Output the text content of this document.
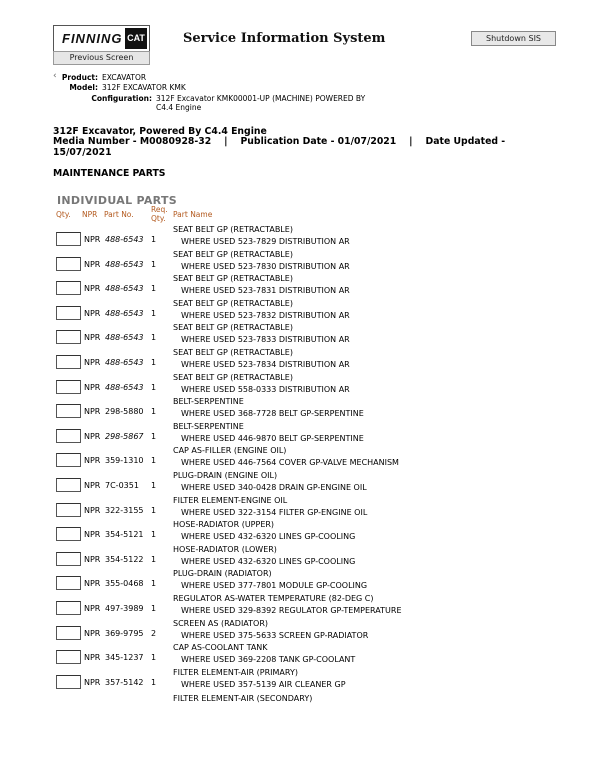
FINNING CAT
Previous Screen
Service Information System	Shutdown SIS
‹ Product: EXCAVATOR
Model: 312F EXCAVATOR KMK
Configuration: 312F Excavator KMK00001-UP (MACHINE) POWERED BY
C4.4 Engine
312F Excavator, Powered By C4.4 Engine
Media Number - M0080928-32    |    Publication Date - 01/07/2021    |    Date Updated -
15/07/2021
MAINTENANCE PARTS
INDIVIDUAL PARTS
Qty. NPR Part No.
Req.
Qty. Part Name
NPR 488-6543 1
SEAT BELT GP (RETRACTABLE)
WHERE USED 523-7829 DISTRIBUTION AR
NPR 488-6543 1
SEAT BELT GP (RETRACTABLE)
WHERE USED 523-7830 DISTRIBUTION AR
NPR 488-6543 1
SEAT BELT GP (RETRACTABLE)
WHERE USED 523-7831 DISTRIBUTION AR
NPR 488-6543 1
SEAT BELT GP (RETRACTABLE)
WHERE USED 523-7832 DISTRIBUTION AR
NPR 488-6543 1
SEAT BELT GP (RETRACTABLE)
WHERE USED 523-7833 DISTRIBUTION AR
NPR 488-6543 1
SEAT BELT GP (RETRACTABLE)
WHERE USED 523-7834 DISTRIBUTION AR
NPR 488-6543 1
SEAT BELT GP (RETRACTABLE)
WHERE USED 558-0333 DISTRIBUTION AR
NPR 298-5880 1
BELT-SERPENTINE
WHERE USED 368-7728 BELT GP-SERPENTINE
NPR 298-5867 1
BELT-SERPENTINE
WHERE USED 446-9870 BELT GP-SERPENTINE
NPR 359-1310 1
CAP AS-FILLER (ENGINE OIL)
WHERE USED 446-7564 COVER GP-VALVE MECHANISM
NPR 7C-0351 1
PLUG-DRAIN (ENGINE OIL)
WHERE USED 340-0428 DRAIN GP-ENGINE OIL
NPR 322-3155 1
FILTER ELEMENT-ENGINE OIL
WHERE USED 322-3154 FILTER GP-ENGINE OIL
NPR 354-5121 1
HOSE-RADIATOR (UPPER)
WHERE USED 432-6320 LINES GP-COOLING
NPR 354-5122 1
HOSE-RADIATOR (LOWER)
WHERE USED 432-6320 LINES GP-COOLING
NPR 355-0468 1
PLUG-DRAIN (RADIATOR)
WHERE USED 377-7801 MODULE GP-COOLING
NPR 497-3989 1
REGULATOR AS-WATER TEMPERATURE (82-DEG C)
WHERE USED 329-8392 REGULATOR GP-TEMPERATURE
NPR 369-9795 2
SCREEN AS (RADIATOR)
WHERE USED 375-5633 SCREEN GP-RADIATOR
NPR 345-1237 1
CAP AS-COOLANT TANK
WHERE USED 369-2208 TANK GP-COOLANT
NPR 357-5142 1
FILTER ELEMENT-AIR (PRIMARY)
WHERE USED 357-5139 AIR CLEANER GP
FILTER ELEMENT-AIR (SECONDARY)
